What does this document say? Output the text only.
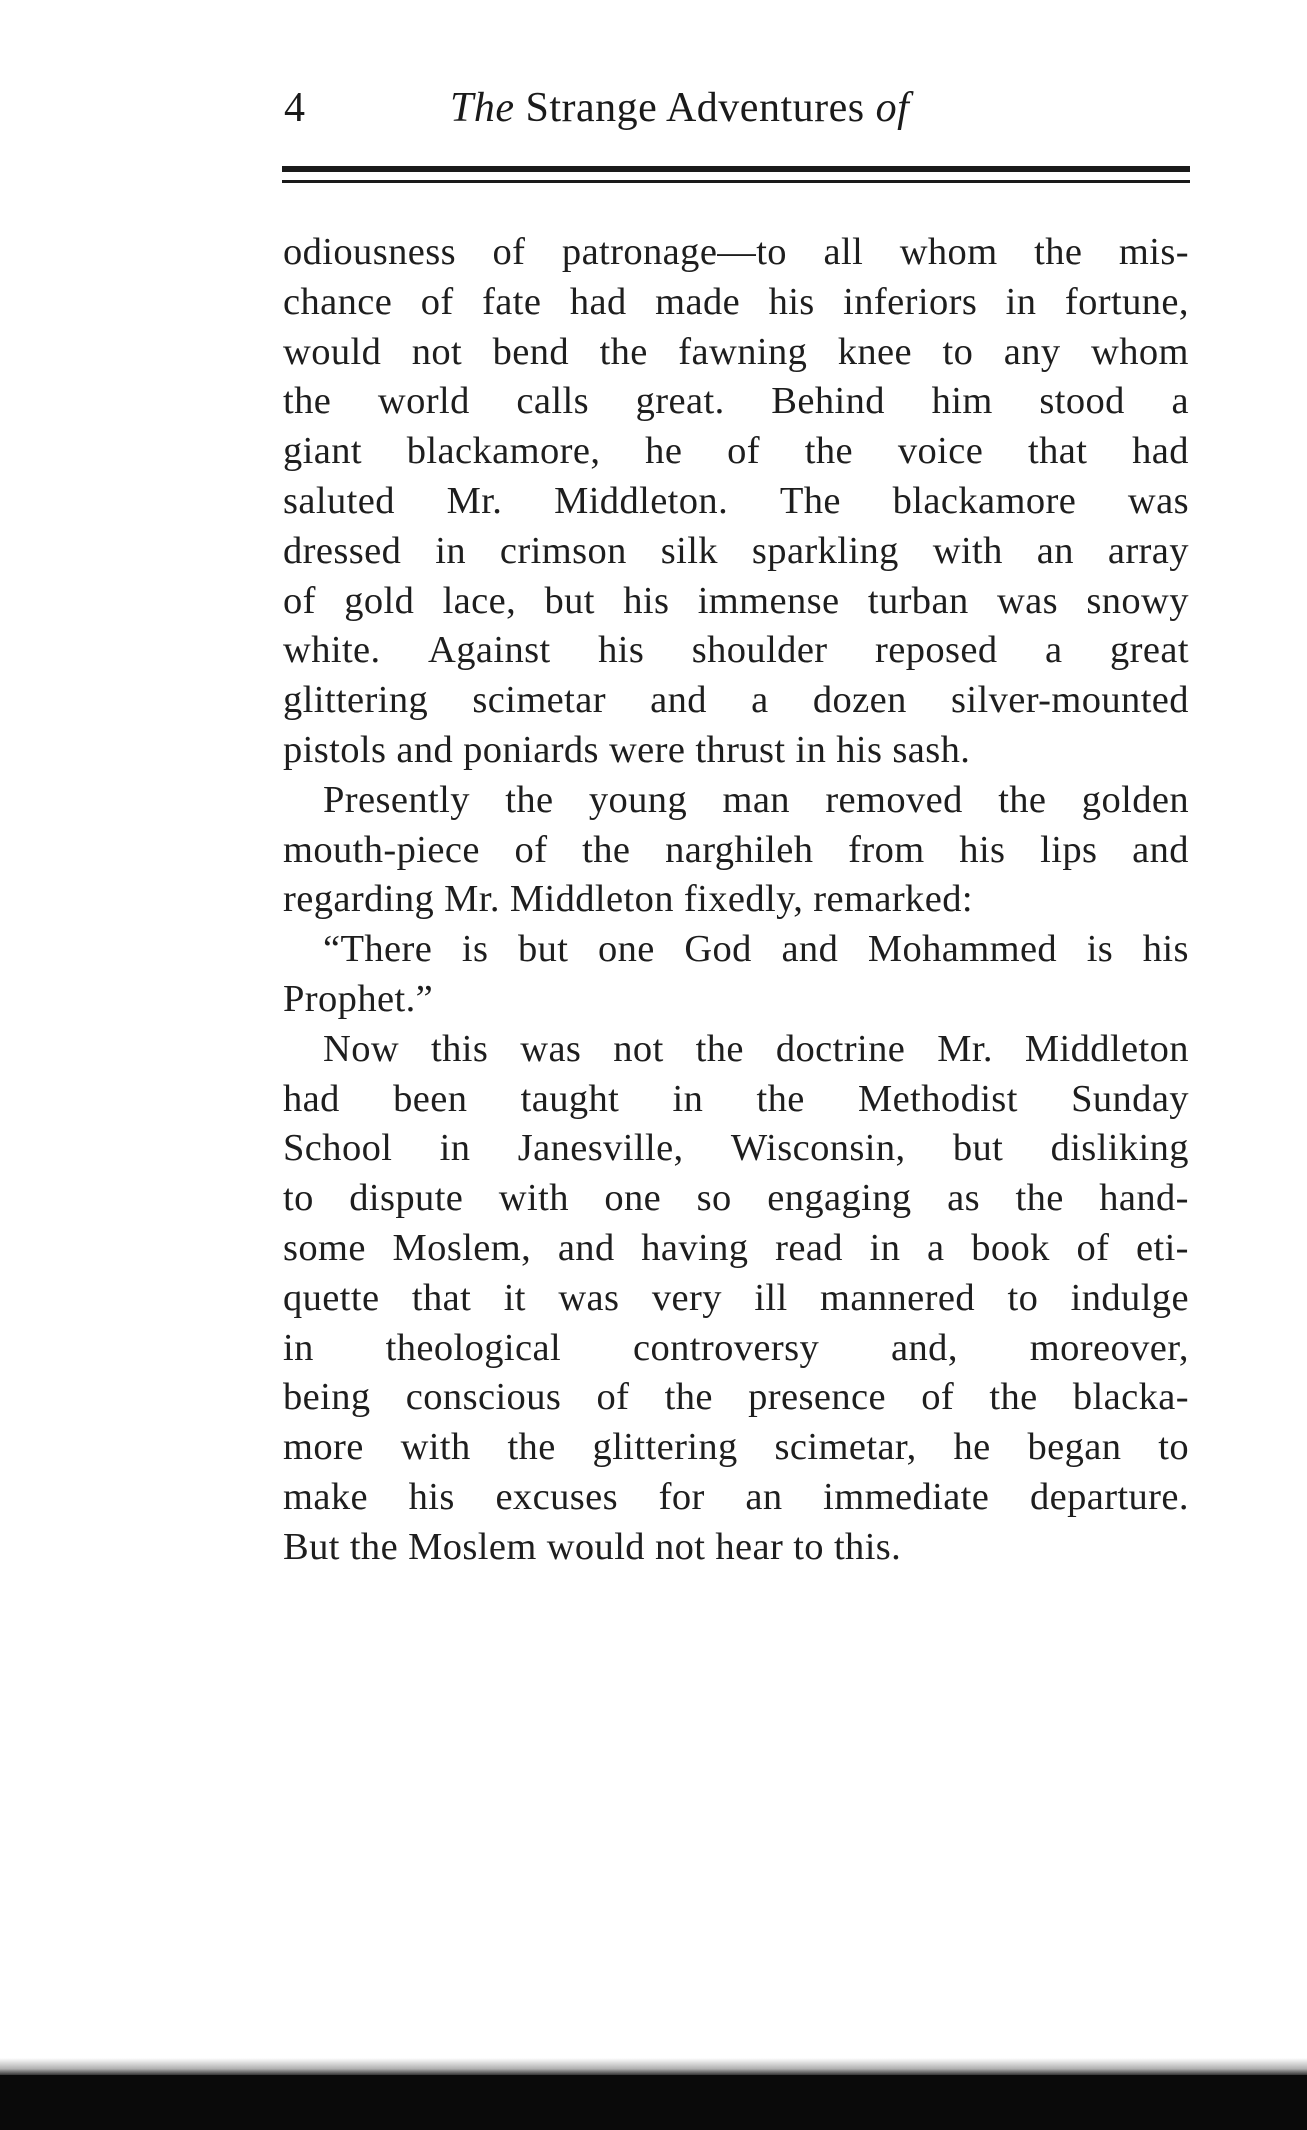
4	The Strange Adventures of
odiousness of patronage—to all whom the mis-
chance of fate had made his inferiors in fortune,
would not bend the fawning knee to any whom
the world calls great. Behind him stood a
giant blackamore, he of the voice that had
saluted Mr. Middleton. The blackamore was
dressed in crimson silk sparkling with an array
of gold lace, but his immense turban was snowy
white. Against his shoulder reposed a great
glittering scimetar and a dozen silver-mounted
pistols and poniards were thrust in his sash.
Presently the young man removed the golden
mouth-piece of the narghileh from his lips and
regarding Mr. Middleton fixedly, remarked:
“There is but one God and Mohammed is his
Prophet.”
Now this was not the doctrine Mr. Middleton
had been taught in the Methodist Sunday
School in Janesville, Wisconsin, but disliking
to dispute with one so engaging as the hand-
some Moslem, and having read in a book of eti-
quette that it was very ill mannered to indulge
in theological controversy and, moreover,
being conscious of the presence of the blacka-
more with the glittering scimetar, he began to
make his excuses for an immediate departure.
But the Moslem would not hear to this.
